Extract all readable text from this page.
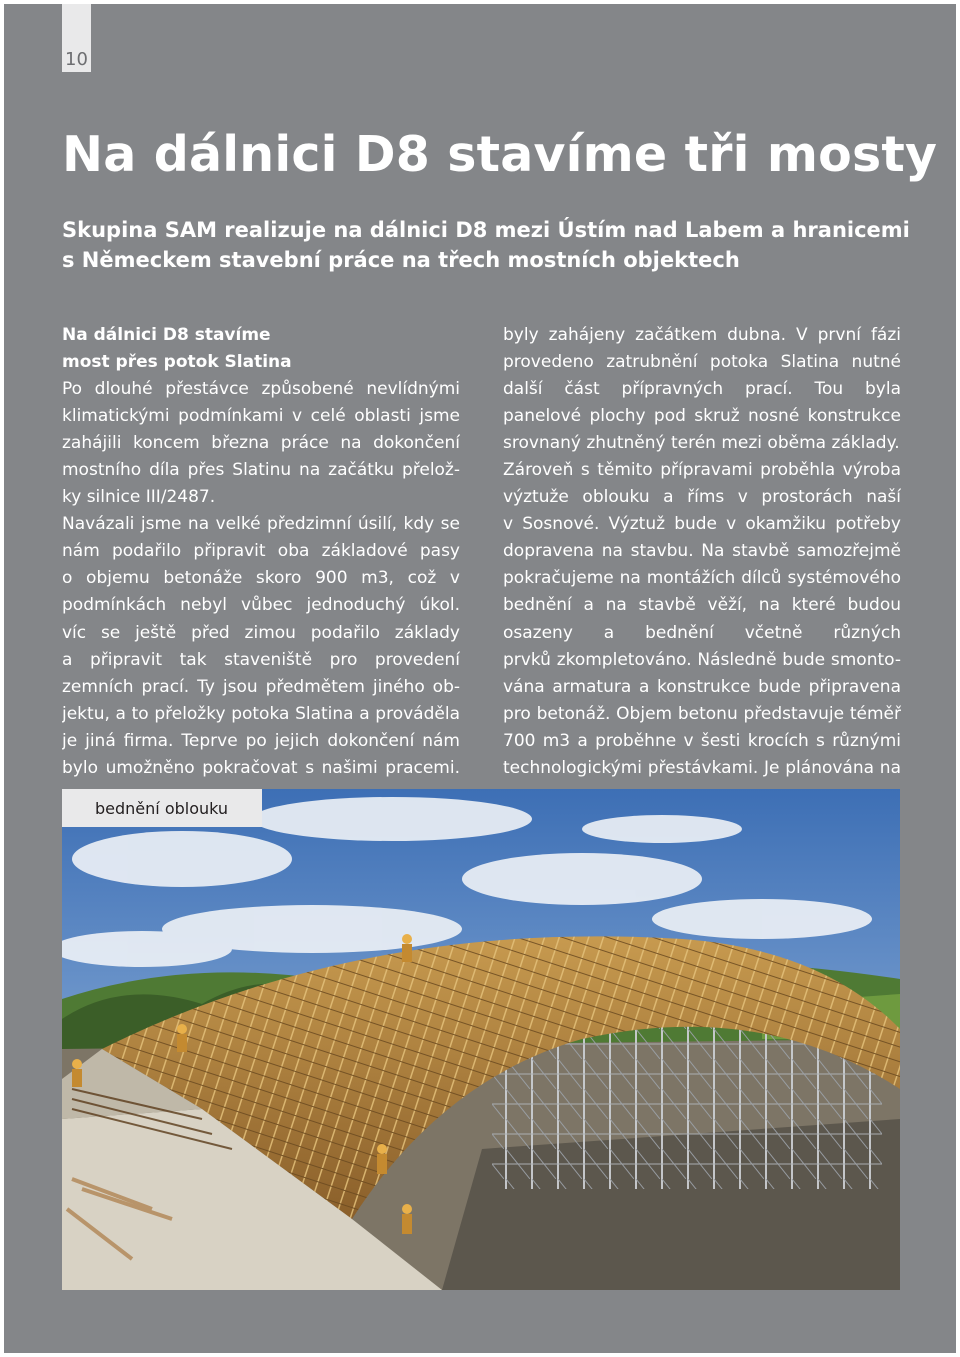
10
Na dálnici D8 stavíme tři mosty
Skupina SAM realizuje na dálnici D8 mezi Ústím nad Labem a hranicemi
s Německem stavební práce na třech mostních objektech
Na dálnici D8 stavíme
most přes potok Slatina
Po dlouhé přestávce způsobené nevlídnými
klimatickými podmínkami v celé oblasti jsme
zahájili koncem března práce na dokončení
mostního díla přes Slatinu na začátku přelož-
ky silnice III/2487.
Navázali jsme na velké předzimní úsilí, kdy se
nám podařilo připravit oba základové pasy
o objemu betonáže skoro 900 m3, což v
podmínkách nebyl vůbec jednoduchý úkol.
víc se ještě před zimou podařilo základy
a připravit tak staveniště pro provedení
zemních prací. Ty jsou předmětem jiného ob-
jektu, a to přeložky potoka Slatina a prováděla
je jiná firma. Teprve po jejich dokončení nám
bylo umožněno pokračovat s našimi pracemi.
byly zahájeny začátkem dubna. V první fázi
provedeno zatrubnění potoka Slatina nutné
další část přípravných prací. Tou byla
panelové plochy pod skruž nosné konstrukce
srovnaný zhutněný terén mezi oběma základy.
Zároveň s těmito přípravami proběhla výroba
výztuže oblouku a říms v prostorách naší
v Sosnové. Výztuž bude v okamžiku potřeby
dopravena na stavbu. Na stavbě samozřejmě
pokračujeme na montážích dílců systémového
bednění a na stavbě věží, na které budou
osazeny a bednění včetně různých
prvků zkompletováno. Následně bude smonto-
vána armatura a konstrukce bude připravena
pro betonáž. Objem betonu představuje téměř
700 m3 a proběhne v šesti krocích s různými
technologickými přestávkami. Je plánována na
bednění oblouku
